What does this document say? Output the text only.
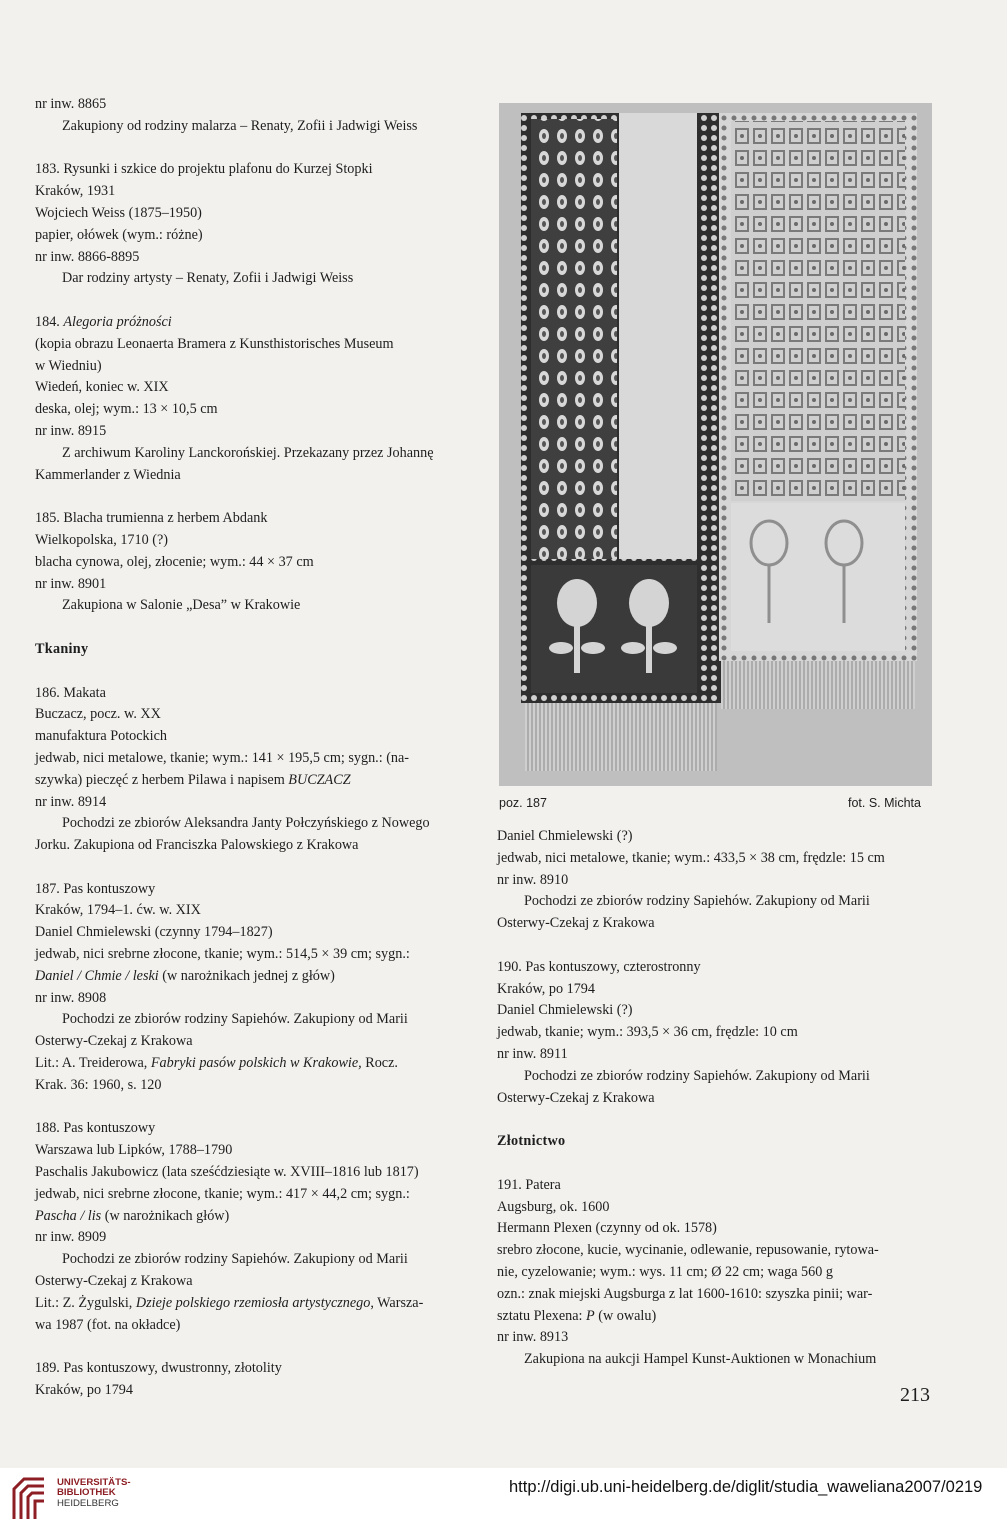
nr inw. 8865

Zakupiony od rodziny malarza – Renaty, Zofii i Jadwigi Weiss

183. Rysunki i szkice do projektu plafonu do Kurzej Stopki

Kraków, 1931

Wojciech Weiss (1875–1950)

papier, ołówek (wym.: różne)

nr inw. 8866-8895

Dar rodziny artysty – Renaty, Zofii i Jadwigi Weiss

184. Alegoria próżności

(kopia obrazu Leonaerta Bramera z Kunsthistorisches Museum

w Wiedniu)

Wiedeń, koniec w. XIX

deska, olej; wym.: 13 × 10,5 cm

nr inw. 8915

Z archiwum Karoliny Lanckorońskiej. Przekazany przez Johannę

Kammerlander z Wiednia

185. Blacha trumienna z herbem Abdank

Wielkopolska, 1710 (?)

blacha cynowa, olej, złocenie; wym.: 44 × 37 cm

nr inw. 8901

Zakupiona w Salonie „Desa” w Krakowie

Tkaniny

186. Makata

Buczacz, pocz. w. XX

manufaktura Potockich

jedwab, nici metalowe, tkanie; wym.: 141 × 195,5 cm; sygn.: (na-

szywka) pieczęć z herbem Pilawa i napisem BUCZACZ

nr inw. 8914

Pochodzi ze zbiorów Aleksandra Janty Połczyńskiego z Nowego

Jorku. Zakupiona od Franciszka Palowskiego z Krakowa

187. Pas kontuszowy

Kraków, 1794–1. ćw. w. XIX

Daniel Chmielewski (czynny 1794–1827)

jedwab, nici srebrne złocone, tkanie; wym.: 514,5 × 39 cm; sygn.:

Daniel / Chmie / leski (w narożnikach jednej z głów)

nr inw. 8908

Pochodzi ze zbiorów rodziny Sapiehów. Zakupiony od Marii

Osterwy-Czekaj z Krakowa

Lit.: A. Treiderowa, Fabryki pasów polskich w Krakowie, Rocz.

Krak. 36: 1960, s. 120

188. Pas kontuszowy

Warszawa lub Lipków, 1788–1790

Paschalis Jakubowicz (lata sześćdziesiąte w. XVIII–1816 lub 1817)

jedwab, nici srebrne złocone, tkanie; wym.: 417 × 44,2 cm; sygn.:

Pascha / lis (w narożnikach głów)

nr inw. 8909

Pochodzi ze zbiorów rodziny Sapiehów. Zakupiony od Marii

Osterwy-Czekaj z Krakowa

Lit.: Z. Żygulski, Dzieje polskiego rzemiosła artystycznego, Warsza-

wa 1987 (fot. na okładce)

189. Pas kontuszowy, dwustronny, złotolity

Kraków, po 1794

poz. 187	fot. S. Michta

Daniel Chmielewski (?)

jedwab, nici metalowe, tkanie; wym.: 433,5 × 38 cm, frędzle: 15 cm

nr inw. 8910

Pochodzi ze zbiorów rodziny Sapiehów. Zakupiony od Marii

Osterwy-Czekaj z Krakowa

190. Pas kontuszowy, czterostronny

Kraków, po 1794

Daniel Chmielewski (?)

jedwab, tkanie; wym.: 393,5 × 36 cm, frędzle: 10 cm

nr inw. 8911

Pochodzi ze zbiorów rodziny Sapiehów. Zakupiony od Marii

Osterwy-Czekaj z Krakowa

Złotnictwo

191. Patera

Augsburg, ok. 1600

Hermann Plexen (czynny od ok. 1578)

srebro złocone, kucie, wycinanie, odlewanie, repusowanie, rytowa-

nie, cyzelowanie; wym.: wys. 11 cm; Ø 22 cm; waga 560 g

ozn.: znak miejski Augsburga z lat 1600-1610: szyszka pinii; war-

sztatu Plexena: P (w owalu)

nr inw. 8913

Zakupiona na aukcji Hampel Kunst-Auktionen w Monachium

213
UNIVERSITÄTS-
BIBLIOTHEK
HEIDELBERG
http://digi.ub.uni-heidelberg.de/diglit/studia_waweliana2007/0219
